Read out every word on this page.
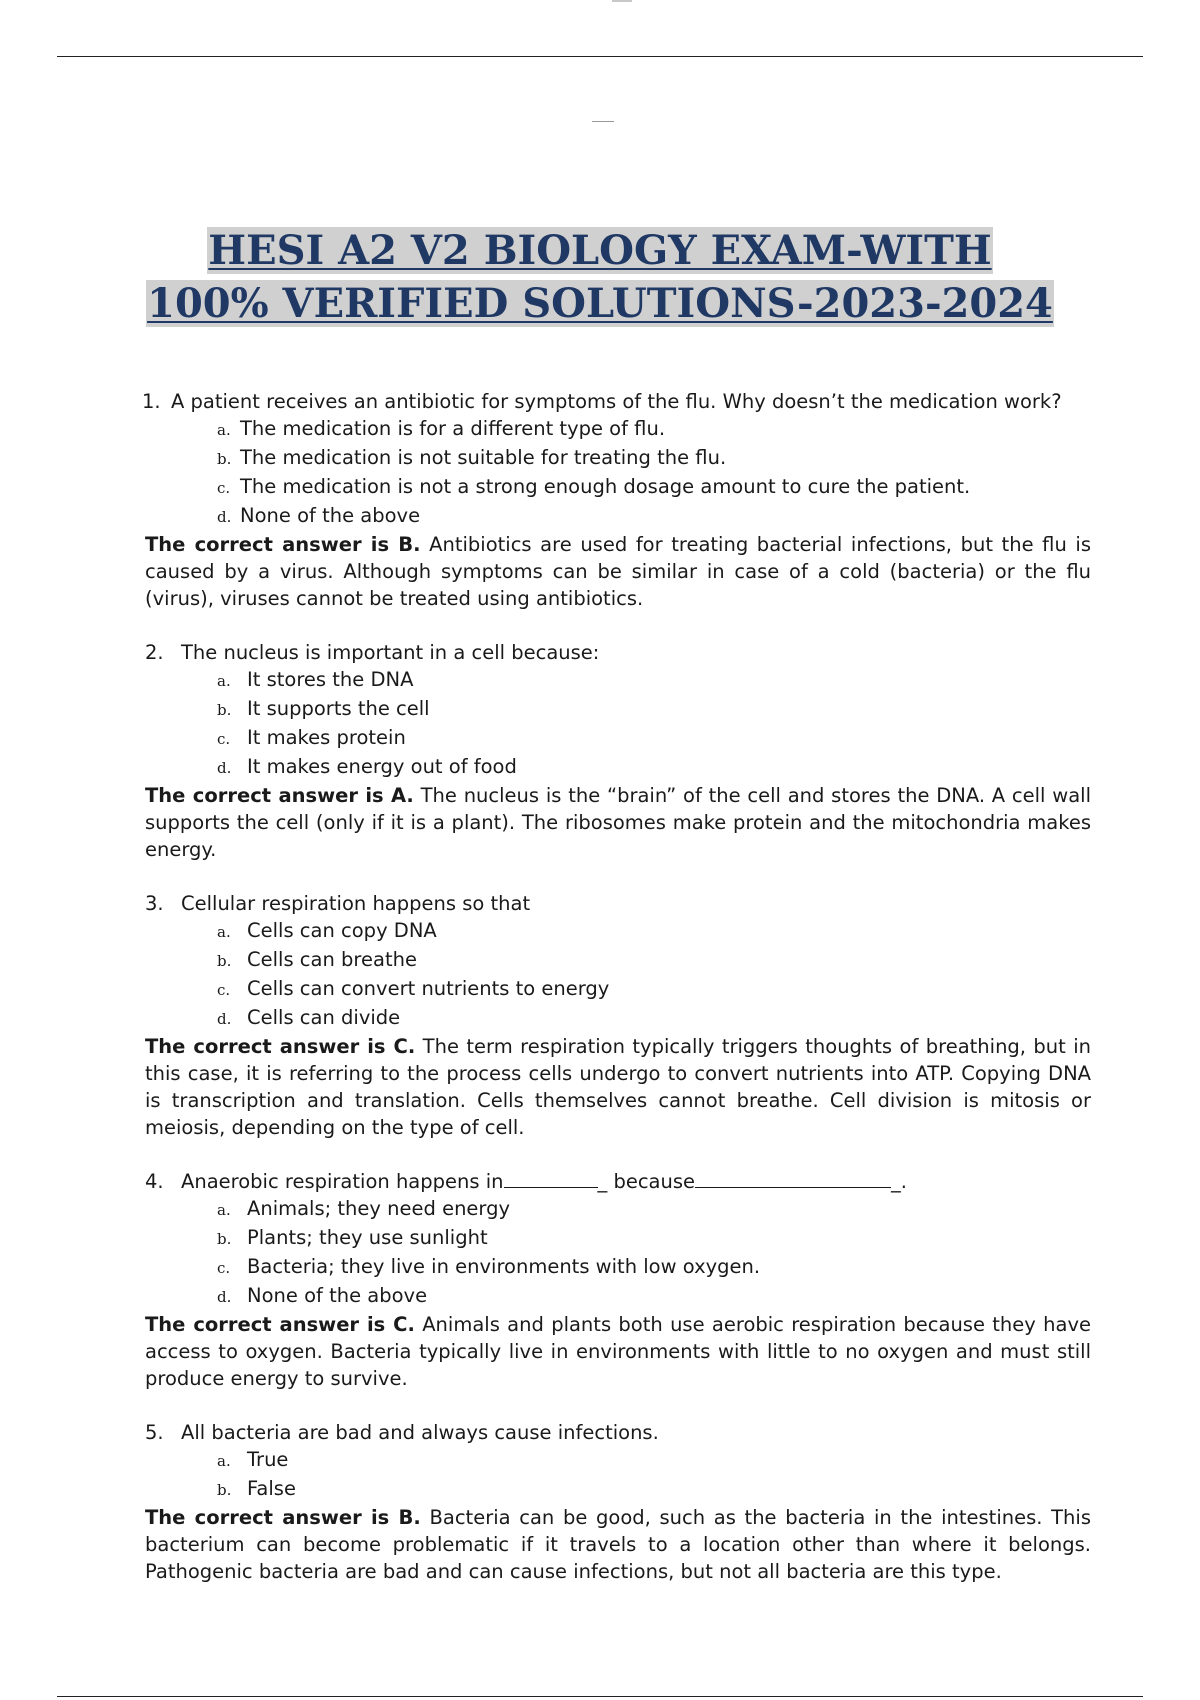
HESI A2 V2 BIOLOGY EXAM-WITH
100% VERIFIED SOLUTIONS-2023-2024
1. A patient receives an antibiotic for symptoms of the flu. Why doesn’t the medication work?
a. The medication is for a different type of flu.
b. The medication is not suitable for treating the flu.
c. The medication is not a strong enough dosage amount to cure the patient.
d. None of the above

The correct answer is B. Antibiotics are used for treating bacterial infections, but the flu is caused by a virus. Although symptoms can be similar in case of a cold (bacteria) or the flu (virus), viruses cannot be treated using antibiotics.

2. The nucleus is important in a cell because:
a. It stores the DNA
b. It supports the cell
c. It makes protein
d. It makes energy out of food

The correct answer is A. The nucleus is the “brain” of the cell and stores the DNA. A cell wall supports the cell (only if it is a plant). The ribosomes make protein and the mitochondria makes energy.

3. Cellular respiration happens so that
a. Cells can copy DNA
b. Cells can breathe
c. Cells can convert nutrients to energy
d. Cells can divide

The correct answer is C. The term respiration typically triggers thoughts of breathing, but in this case, it is referring to the process cells undergo to convert nutrients into ATP. Copying DNA is transcription and translation. Cells themselves cannot breathe. Cell division is mitosis or meiosis, depending on the type of cell.

4. Anaerobic respiration happens in	_ because	_.
a. Animals; they need energy
b. Plants; they use sunlight
c. Bacteria; they live in environments with low oxygen.
d. None of the above

The correct answer is C. Animals and plants both use aerobic respiration because they have access to oxygen. Bacteria typically live in environments with little to no oxygen and must still produce energy to survive.

5. All bacteria are bad and always cause infections.
a. True
b. False

The correct answer is B. Bacteria can be good, such as the bacteria in the intestines. This bacterium can become problematic if it travels to a location other than where it belongs. Pathogenic bacteria are bad and can cause infections, but not all bacteria are this type.
